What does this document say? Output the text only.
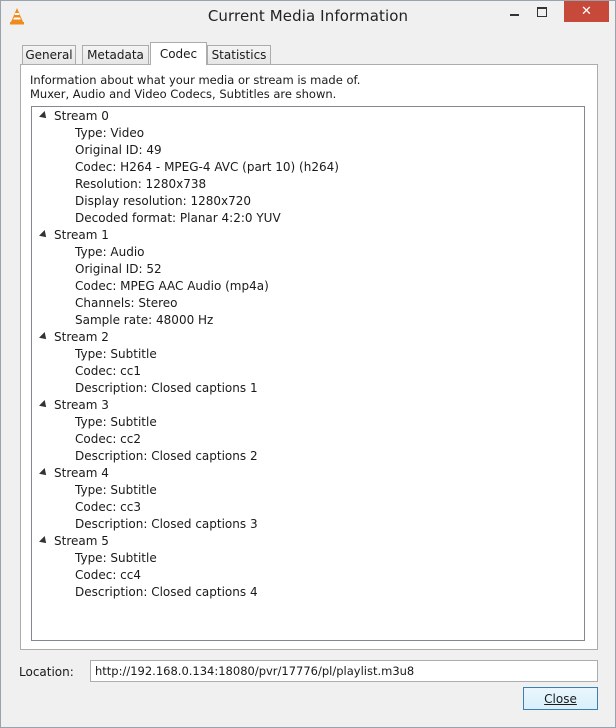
Current Media Information	✕
General	Metadata	Codec	Statistics
Information about what your media or stream is made of.
Muxer, Audio and Video Codecs, Subtitles are shown.
Stream 0
Type: Video
Original ID: 49
Codec: H264 - MPEG-4 AVC (part 10) (h264)
Resolution: 1280x738
Display resolution: 1280x720
Decoded format: Planar 4:2:0 YUV
Stream 1
Type: Audio
Original ID: 52
Codec: MPEG AAC Audio (mp4a)
Channels: Stereo
Sample rate: 48000 Hz
Stream 2
Type: Subtitle
Codec: cc1
Description: Closed captions 1
Stream 3
Type: Subtitle
Codec: cc2
Description: Closed captions 2
Stream 4
Type: Subtitle
Codec: cc3
Description: Closed captions 3
Stream 5
Type: Subtitle
Codec: cc4
Description: Closed captions 4
Location:
http://192.168.0.134:18080/pvr/17776/pl/playlist.m3u8
Close
